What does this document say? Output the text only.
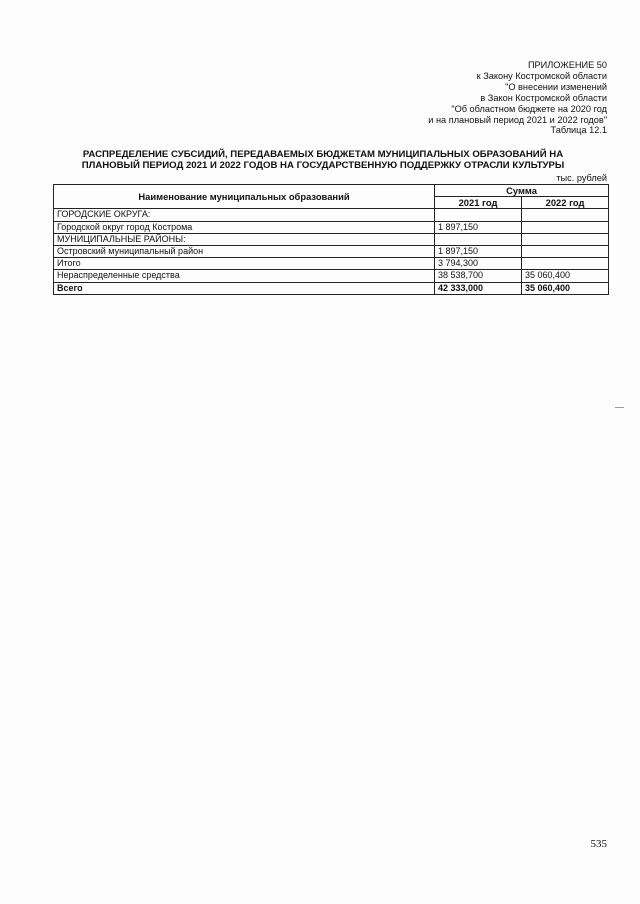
ПРИЛОЖЕНИЕ 50
к Закону Костромской области
"О внесении изменений
в Закон Костромской области
"Об областном бюджете на 2020 год
и на плановый период 2021 и 2022 годов"
Таблица 12.1
РАСПРЕДЕЛЕНИЕ СУБСИДИЙ, ПЕРЕДАВАЕМЫХ БЮДЖЕТАМ МУНИЦИПАЛЬНЫХ ОБРАЗОВАНИЙ НА
ПЛАНОВЫЙ ПЕРИОД 2021 И 2022 ГОДОВ НА ГОСУДАРСТВЕННУЮ ПОДДЕРЖКУ ОТРАСЛИ КУЛЬТУРЫ
тыс. рублей
Наименование муниципальных образований	Сумма	
	2021 год	2022 год
ГОРОДСКИЕ ОКРУГА:		
Городской округ город Кострома	1 897,150	
МУНИЦИПАЛЬНЫЕ РАЙОНЫ:		
Островский муниципальный район	1 897,150	
Итого	3 794,300	
Нераспределенные средства	38 538,700	35 060,400
Всего	42 333,000	35 060,400
535
